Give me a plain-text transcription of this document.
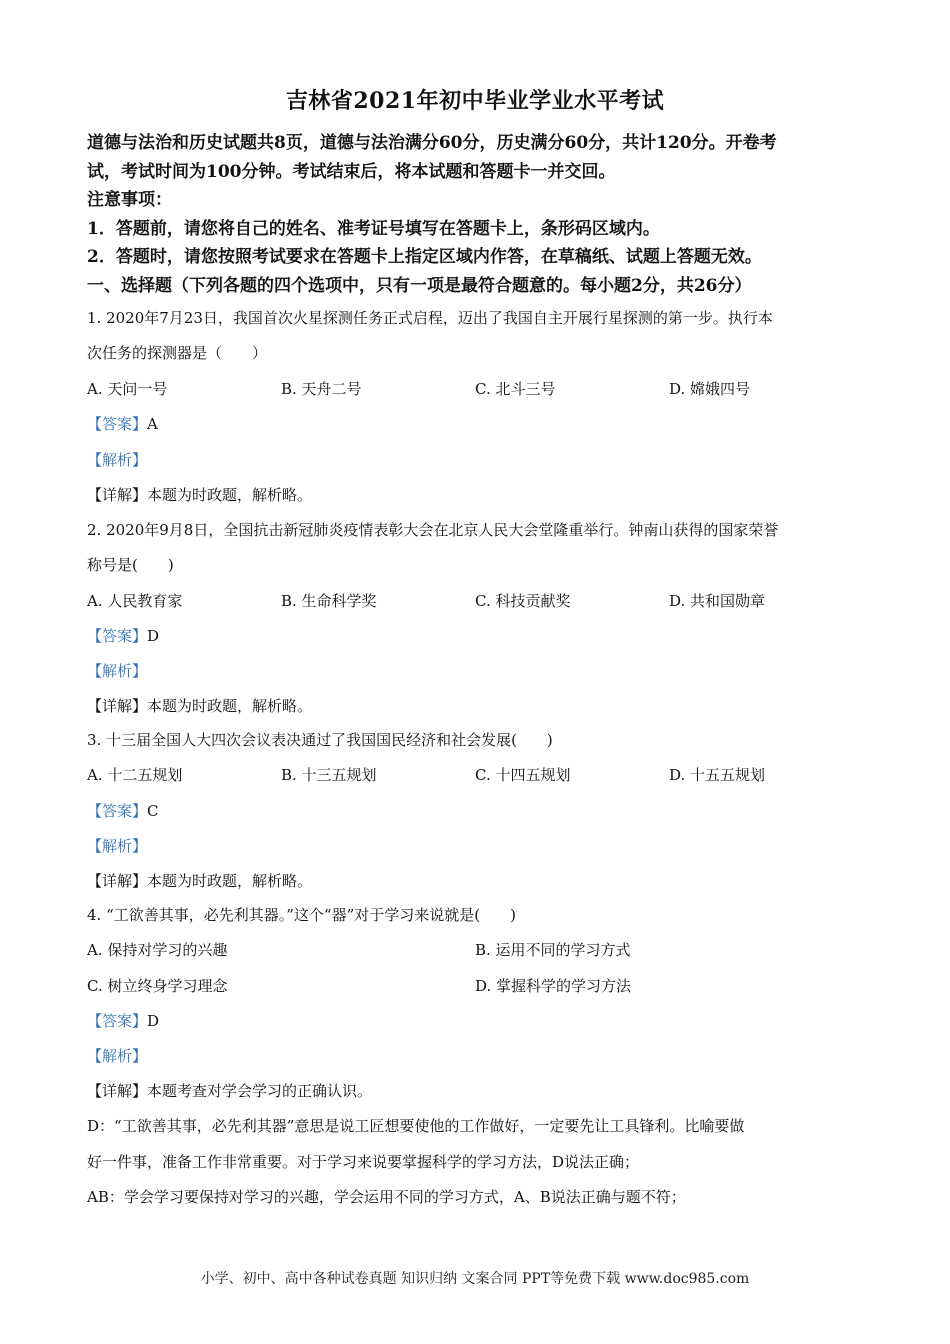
吉林省2021年初中毕业学业水平考试
道德与法治和历史试题共8页，道德与法治满分60分，历史满分60分，共计120分。开卷考
试，考试时间为100分钟。考试结束后，将本试题和答题卡一并交回。
注意事项：
1．答题前，请您将自己的姓名、准考证号填写在答题卡上，条形码区域内。
2．答题时，请您按照考试要求在答题卡上指定区域内作答，在草稿纸、试题上答题无效。
一、选择题（下列各题的四个选项中，只有一项是最符合题意的。每小题2分，共26分）
1. 2020年7月23日，我国首次火星探测任务正式启程，迈出了我国自主开展行星探测的第一步。执行本
次任务的探测器是（　　）
A. 天问一号	B. 天舟二号	C. 北斗三号	D. 嫦娥四号
【答案】A
【解析】
【详解】本题为时政题，解析略。
2. 2020年9月8日，全国抗击新冠肺炎疫情表彰大会在北京人民大会堂隆重举行。钟南山获得的国家荣誉
称号是(　　)
A. 人民教育家	B. 生命科学奖	C. 科技贡献奖	D. 共和国勋章
【答案】D
【解析】
【详解】本题为时政题，解析略。
3. 十三届全国人大四次会议表决通过了我国国民经济和社会发展(　　)
A. 十二五规划	B. 十三五规划	C. 十四五规划	D. 十五五规划
【答案】C
【解析】
【详解】本题为时政题，解析略。
4. “工欲善其事，必先利其器。”这个“器”对于学习来说就是(　　)
A. 保持对学习的兴趣	B. 运用不同的学习方式
C. 树立终身学习理念	D. 掌握科学的学习方法
【答案】D
【解析】
【详解】本题考查对学会学习的正确认识。
D：“工欲善其事，必先利其器”意思是说工匠想要使他的工作做好，一定要先让工具锋利。比喻要做
好一件事，准备工作非常重要。对于学习来说要掌握科学的学习方法，D说法正确；
AB：学会学习要保持对学习的兴趣，学会运用不同的学习方式，A、B说法正确与题不符；
小学、初中、高中各种试卷真题 知识归纳 文案合同 PPT等免费下载 www.doc985.com
